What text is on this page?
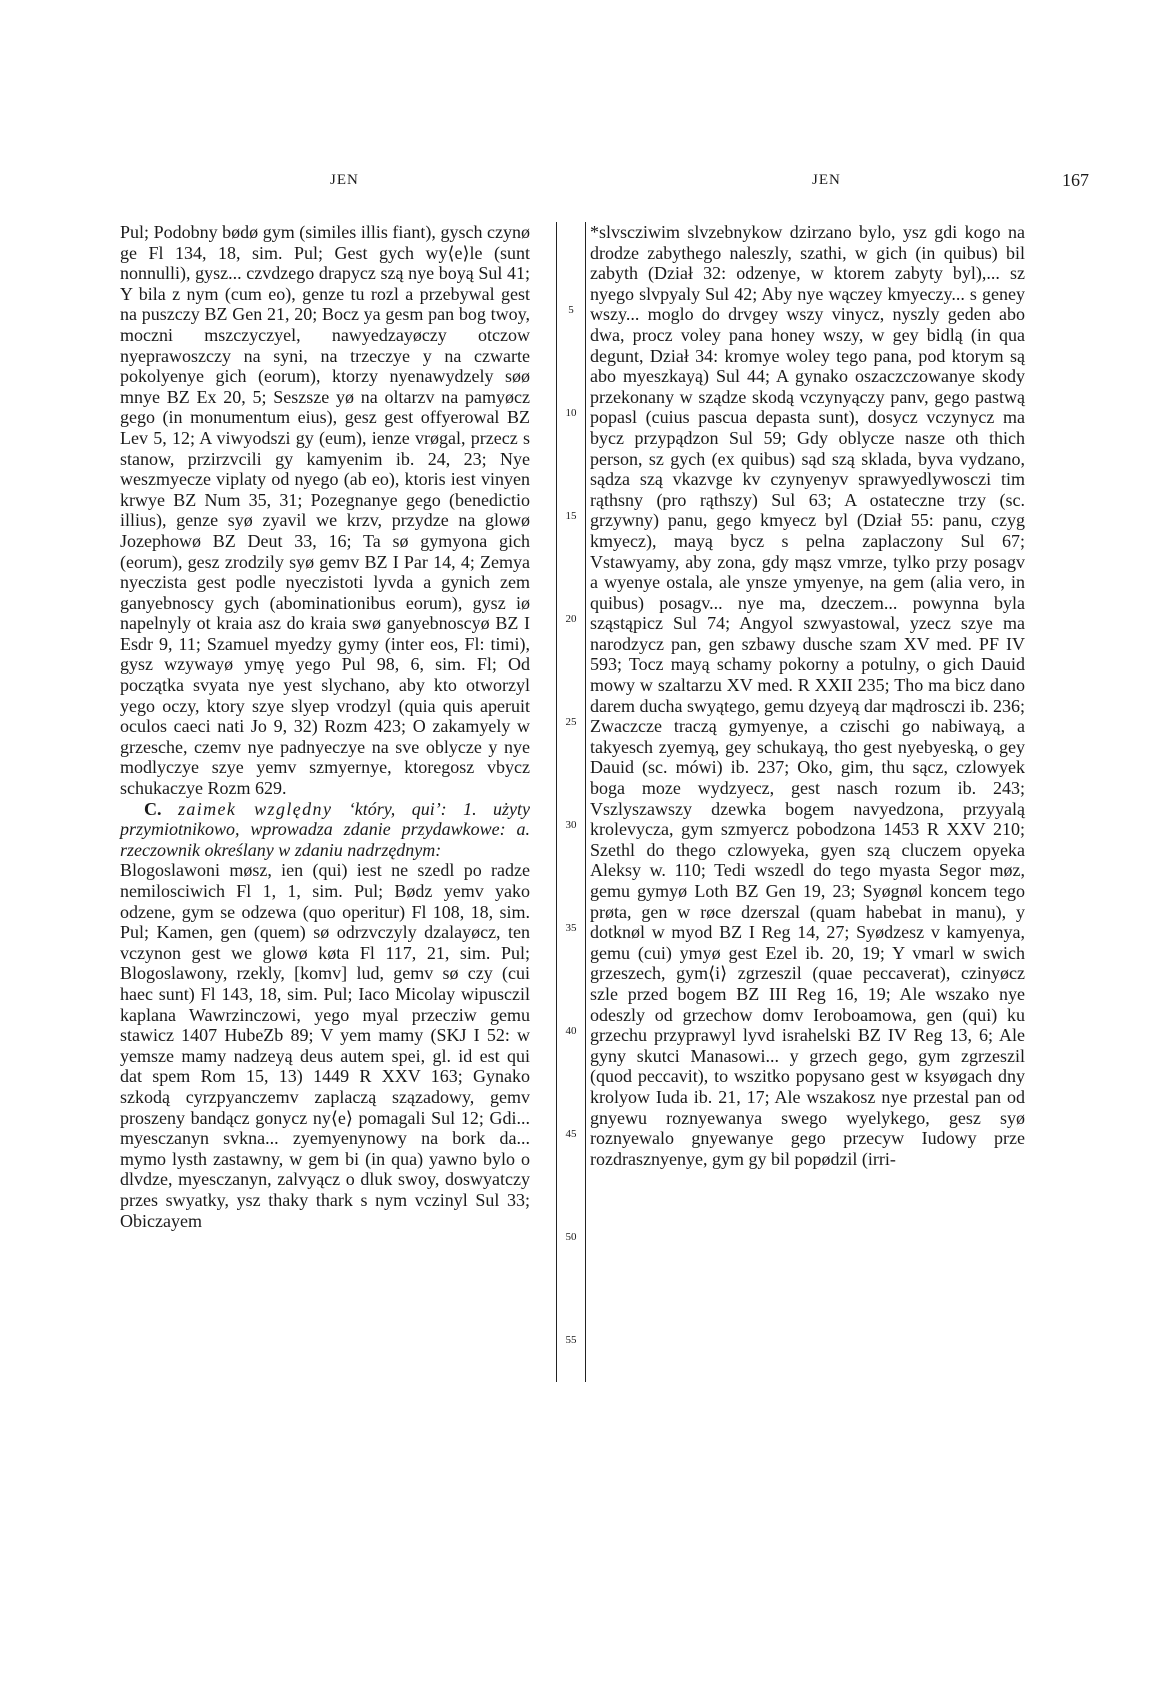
JEN	JEN	167

Pul; Podobny bødø gym (similes illis fiant), gysch czynø ge Fl 134, 18, sim. Pul; Gest gych wy⟨e⟩le (sunt nonnulli), gysz... czvdzego drapycz szą nye boyą Sul 41; Y bila z nym (cum eo), genze tu rozl a przebywal gest na puszczy BZ Gen 21, 20; Bocz ya gesm pan bog twoy, moczni mszczyczyel, nawyedzayøczy otczow nyeprawoszczy na syni, na trzeczye y na czwarte pokolyenye gich (eorum), ktorzy nyenawydzely søø mnye BZ Ex 20, 5; Seszsze yø na oltarzv na pamyøcz gego (in monumentum eius), gesz gest offyerowal BZ Lev 5, 12; A viwyodszi gy (eum), ienze vrøgal, przecz s stanow, przirzvcili gy kamyenim ib. 24, 23; Nye weszmyecze viplaty od nyego (ab eo), ktoris iest vinyen krwye BZ Num 35, 31; Pozegnanye gego (benedictio illius), genze syø zyavil we krzv, przydze na glowø Jozephowø BZ Deut 33, 16; Ta sø gymyona gich (eorum), gesz zrodzily syø gemv BZ I Par 14, 4; Zemya nyeczista gest podle nyeczistoti lyvda a gynich zem ganyebnoscy gych (abominationibus eorum), gysz iø napelnyly ot kraia asz do kraia swø ganyebnoscyø BZ I Esdr 9, 11; Szamuel myedzy gymy (inter eos, Fl: timi), gysz wzywayø ymyę yego Pul 98, 6, sim. Fl; Od początka svyata nye yest slychano, aby kto otworzyl yego oczy, ktory szye slyep vrodzyl (quia quis aperuit oculos caeci nati Jo 9, 32) Rozm 423; O zakamyely w grzesche, czemv nye padnyeczye na sve oblycze y nye modlyczye szye yemv szmyernye, ktoregosz vbycz schukaczye Rozm 629.

C. zaimek względny ‘który, qui’: 1. użyty przymiotnikowo, wprowadza zdanie przydawkowe: a. rzeczownik określany w zdaniu nadrzędnym:

Blogoslawoni møsz, ien (qui) iest ne szedl po radze nemilosciwich Fl 1, 1, sim. Pul; Bødz yemv yako odzene, gym se odzewa (quo operitur) Fl 108, 18, sim. Pul; Kamen, gen (quem) sø odrzvczyly dzalayøcz, ten vczynon gest we glowø køta Fl 117, 21, sim. Pul; Blogoslawony, rzekly, [komv] lud, gemv sø czy (cui haec sunt) Fl 143, 18, sim. Pul; Iaco Micolay wipusczil kaplana Wawrzinczowi, yego myal przecziw gemu stawicz 1407 HubeZb 89; V yem mamy (SKJ I 52: w yemsze mamy nadzeyą deus autem spei, gl. id est qui dat spem Rom 15, 13) 1449 R XXV 163; Gynako szkodą cyrzpyanczemv zaplaczą szązadowy, gemv proszeny bandącz gonycz ny⟨e⟩ pomagali Sul 12; Gdi... myesczanyn svkna... zyemyenynowy na bork da... mymo lysth zastawny, w gem bi (in qua) yawno bylo o dlvdze, myesczanyn, zalvyącz o dluk swoy, doswyatczy przes swyatky, ysz thaky thark s nym vczinyl Sul 33; Obiczayem

5
10
15
20
25
30
35
40
45
50
55

*slvscziwim slvzebnykow dzirzano bylo, ysz gdi kogo na drodze zabythego naleszly, szathi, w gich (in quibus) bil zabyth (Dział 32: odzenye, w ktorem zabyty byl),... sz nyego slvpyaly Sul 42; Aby nye wączey kmyeczy... s geney wszy... moglo do drvgey wszy vinycz, nyszly geden abo dwa, procz voley pana honey wszy, w gey bidlą (in qua degunt, Dział 34: kromye woley tego pana, pod ktorym są abo myeszkayą) Sul 44; A gynako oszaczczowanye skody przekonany w sządze skodą vczynyączy panv, gego pastwą popasl (cuius pascua depasta sunt), dosycz vczynycz ma bycz przypądzon Sul 59; Gdy oblycze nasze oth thich person, sz gych (ex quibus) sąd szą sklada, byva vydzano, sądza szą vkazvge kv czynyenyv sprawyedlywosczi tim rąthsny (pro rąthszy) Sul 63; A ostateczne trzy (sc. grzywny) panu, gego kmyecz byl (Dział 55: panu, czyg kmyecz), mayą bycz s pelna zaplaczony Sul 67; Vstawyamy, aby zona, gdy mąsz vmrze, tylko przy posagv a wyenye ostala, ale ynsze ymyenye, na gem (alia vero, in quibus) posagv... nye ma, dzeczem... powynna byla sząstąpicz Sul 74; Angyol szwyastowal, yzecz szye ma narodzycz pan, gen szbawy dusche szam XV med. PF IV 593; Tocz mayą schamy pokorny a potulny, o gich Dauid mowy w szaltarzu XV med. R XXII 235; Tho ma bicz dano darem ducha swyątego, gemu dzyeyą dar mądrosczi ib. 236; Zwaczcze traczą gymyenye, a czischi go nabiwayą, a takyesch zyemyą, gey schukayą, tho gest nyebyeską, o gey Dauid (sc. mówi) ib. 237; Oko, gim, thu sącz, czlowyek boga moze wydzyecz, gest nasch rozum ib. 243; Vszlyszawszy dzewka bogem navyedzona, przyyalą krolevycza, gym szmyercz pobodzona 1453 R XXV 210; Szethl do thego czlowyeka, gyen szą cluczem opyeka Aleksy w. 110; Tedi wszedl do tego myasta Segor møz, gemu gymyø Loth BZ Gen 19, 23; Syøgnøl koncem tego prøta, gen w røce dzerszal (quam habebat in manu), y dotknøl w myod BZ I Reg 14, 27; Syødzesz v kamyenya, gemu (cui) ymyø gest Ezel ib. 20, 19; Y vmarl w swich grzeszech, gym⟨i⟩ zgrzeszil (quae peccaverat), czinyøcz szle przed bogem BZ III Reg 16, 19; Ale wszako nye odeszly od grzechow domv Ieroboamowa, gen (qui) ku grzechu przyprawyl lyvd israhelski BZ IV Reg 13, 6; Ale gyny skutci Manasowi... y grzech gego, gym zgrzeszil (quod peccavit), to wszitko popysano gest w ksyøgach dny krolyow Iuda ib. 21, 17; Ale wszakosz nye przestal pan od gnyewu roznyewanya swego wyelykego, gesz syø roznyewalo gnyewanye gego przecyw Iudowy prze rozdrasznyenye, gym gy bil popødzil (irri-
